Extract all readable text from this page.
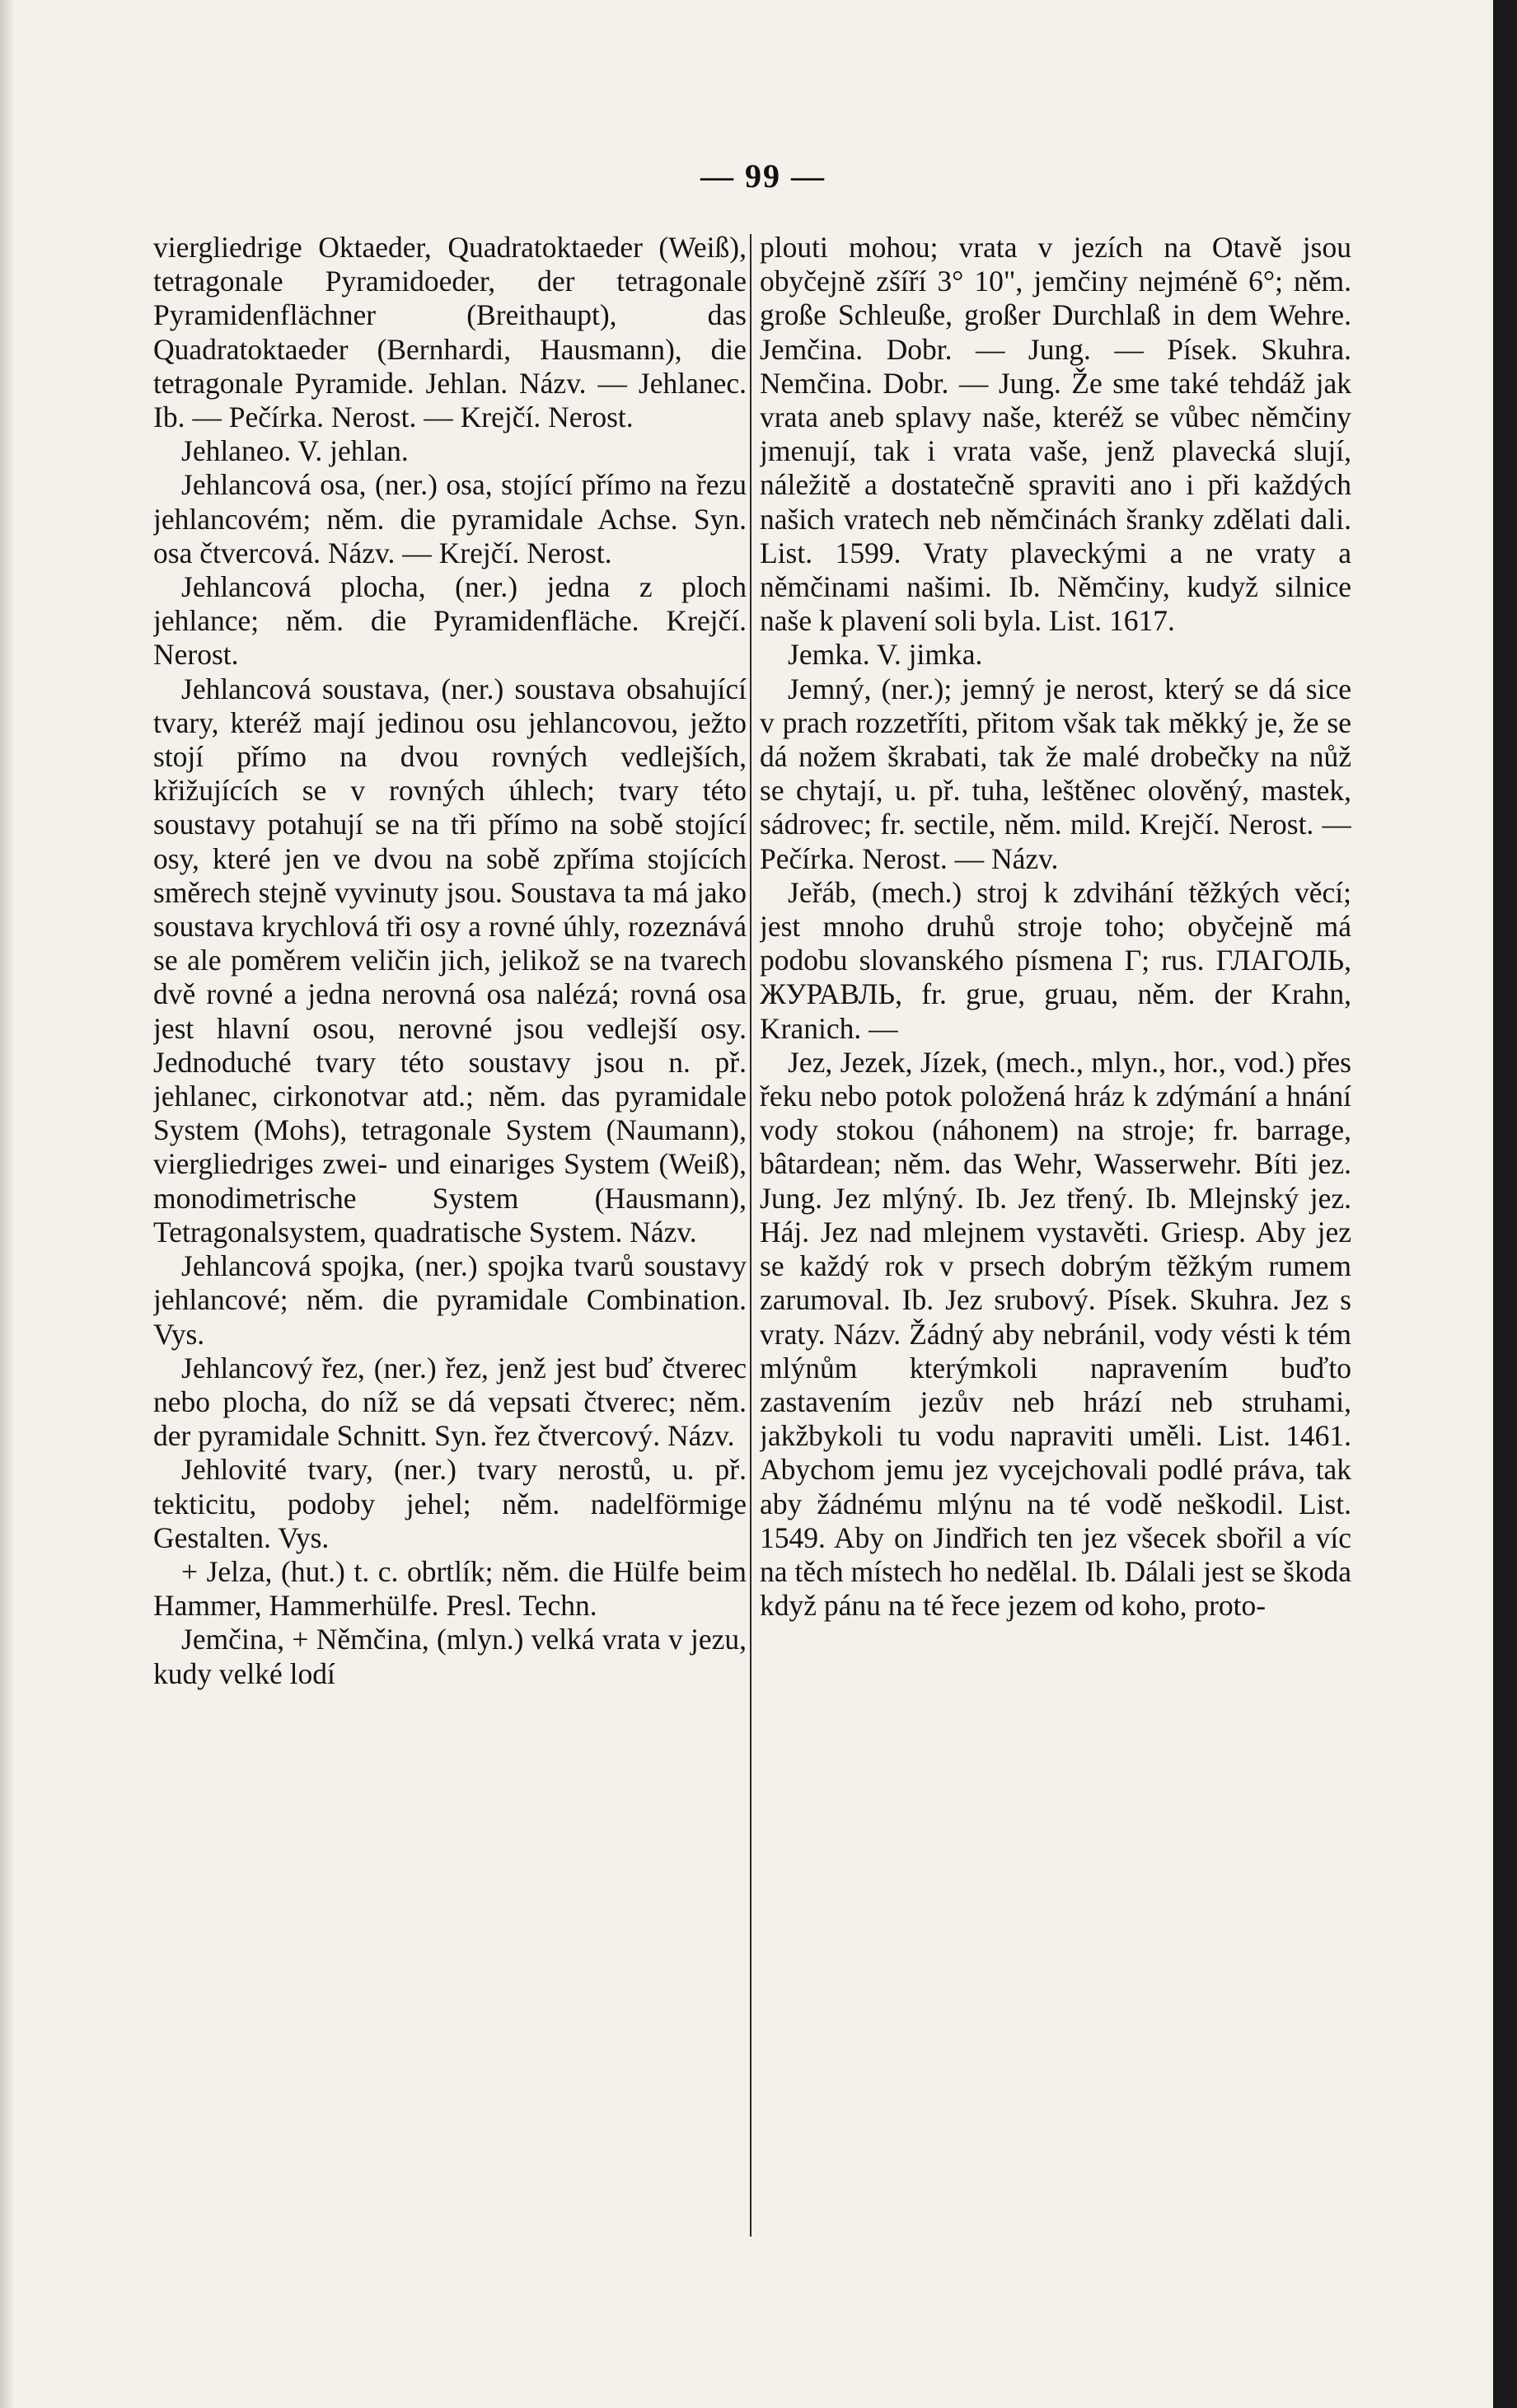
— 99 —

viergliedrige Oktaeder, Quadratoktaeder (Weiß), tetragonale Pyramidoeder, der tetragonale Pyramidenflächner (Breithaupt), das Quadratoktaeder (Bernhardi, Hausmann), die tetragonale Pyramide. Jehlan. Názv. — Jehlanec. Ib. — Pečírka. Nerost. — Krejčí. Nerost.

Jehlaneo. V. jehlan.

Jehlancová osa, (ner.) osa, stojící přímo na řezu jehlancovém; něm. die pyramidale Achse. Syn. osa čtvercová. Názv. — Krejčí. Nerost.

Jehlancová plocha, (ner.) jedna z ploch jehlance; něm. die Pyramidenfläche. Krejčí. Nerost.

Jehlancová soustava, (ner.) soustava obsahující tvary, kteréž mají jedinou osu jehlancovou, ježto stojí přímo na dvou rovných vedlejších, křižujících se v rovných úhlech; tvary této soustavy potahují se na tři přímo na sobě stojící osy, které jen ve dvou na sobě zpříma stojících směrech stejně vyvinuty jsou. Soustava ta má jako soustava krychlová tři osy a rovné úhly, rozeznává se ale poměrem veličin jich, jelikož se na tvarech dvě rovné a jedna nerovná osa nalézá; rovná osa jest hlavní osou, nerovné jsou vedlejší osy. Jednoduché tvary této soustavy jsou n. př. jehlanec, cirkonotvar atd.; něm. das pyramidale System (Mohs), tetragonale System (Naumann), viergliedriges zwei- und einariges System (Weiß), monodimetrische System (Hausmann), Tetragonalsystem, quadratische System. Názv.

Jehlancová spojka, (ner.) spojka tvarů soustavy jehlancové; něm. die pyramidale Combination. Vys.

Jehlancový řez, (ner.) řez, jenž jest buď čtverec nebo plocha, do níž se dá vepsati čtverec; něm. der pyramidale Schnitt. Syn. řez čtvercový. Názv.

Jehlovité tvary, (ner.) tvary nerostů, u. př. tekticitu, podoby jehel; něm. nadelförmige Gestalten. Vys.

+ Jelza, (hut.) t. c. obrtlík; něm. die Hülfe beim Hammer, Hammerhülfe. Presl. Techn.

Jemčina, + Němčina, (mlyn.) velká vrata v jezu, kudy velké lodí

plouti mohou; vrata v jezích na Otavě jsou obyčejně zšíří 3° 10", jemčiny nejméně 6°; něm. große Schleuße, großer Durchlaß in dem Wehre. Jemčina. Dobr. — Jung. — Písek. Skuhra. Nemčina. Dobr. — Jung. Že sme také tehdáž jak vrata aneb splavy naše, kteréž se vůbec němčiny jmenují, tak i vrata vaše, jenž plavecká slují, náležitě a dostatečně spraviti ano i při každých našich vratech neb němčinách šranky zdělati dali. List. 1599. Vraty plaveckými a ne vraty a němčinami našimi. Ib. Němčiny, kudyž silnice naše k plavení soli byla. List. 1617.

Jemka. V. jimka.

Jemný, (ner.); jemný je nerost, který se dá sice v prach rozzetříti, přitom však tak měkký je, že se dá nožem škrabati, tak že malé drobečky na nůž se chytají, u. př. tuha, leštěnec olověný, mastek, sádrovec; fr. sectile, něm. mild. Krejčí. Nerost. — Pečírka. Nerost. — Názv.

Jeřáb, (mech.) stroj k zdvihání těžkých věcí; jest mnoho druhů stroje toho; obyčejně má podobu slovanského písmena Г; rus. ГЛАГОЛЬ, ЖУРАВЛЬ, fr. grue, gruau, něm. der Krahn, Kranich. —

Jez, Jezek, Jízek, (mech., mlyn., hor., vod.) přes řeku nebo potok položená hráz k zdýmání a hnání vody stokou (náhonem) na stroje; fr. barrage, bâtardean; něm. das Wehr, Wasserwehr. Bíti jez. Jung. Jez mlýný. Ib. Jez třený. Ib. Mlejnský jez. Háj. Jez nad mlejnem vystavěti. Griesp. Aby jez se každý rok v prsech dobrým těžkým rumem zarumoval. Ib. Jez srubový. Písek. Skuhra. Jez s vraty. Názv. Žádný aby nebránil, vody vésti k tém mlýnům kterýmkoli napravením buďto zastavením jezův neb hrází neb struhami, jakžbykoli tu vodu napraviti uměli. List. 1461. Abychom jemu jez vycejchovali podlé práva, tak aby žádnému mlýnu na té vodě neškodil. List. 1549. Aby on Jindřich ten jez všecek sbořil a víc na těch místech ho nedělal. Ib. Dálali jest se škoda když pánu na té řece jezem od koho, proto-
